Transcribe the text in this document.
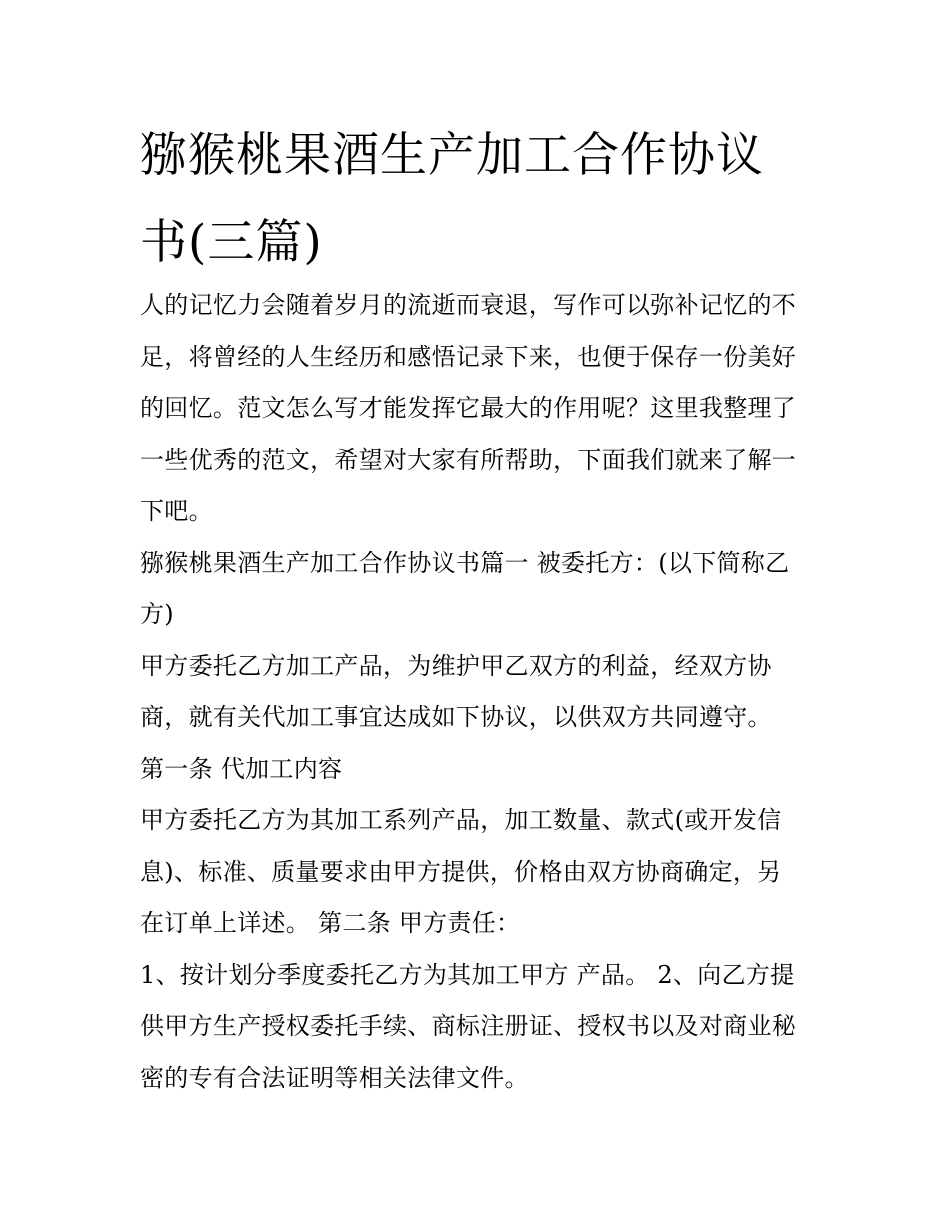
猕猴桃果酒生产加工合作协议
书(三篇)

人的记忆力会随着岁月的流逝而衰退，写作可以弥补记忆的不
足，将曾经的人生经历和感悟记录下来，也便于保存一份美好
的回忆。范文怎么写才能发挥它最大的作用呢？这里我整理了
一些优秀的范文，希望对大家有所帮助，下面我们就来了解一
下吧。

猕猴桃果酒生产加工合作协议书篇一 被委托方：(以下简称乙
方)

甲方委托乙方加工产品，为维护甲乙双方的利益，经双方协
商，就有关代加工事宜达成如下协议，以供双方共同遵守。

第一条 代加工内容

甲方委托乙方为其加工系列产品，加工数量、款式(或开发信
息)、标准、质量要求由甲方提供，价格由双方协商确定，另
在订单上详述。 第二条 甲方责任：

1、按计划分季度委托乙方为其加工甲方 产品。 2、向乙方提
供甲方生产授权委托手续、商标注册证、授权书以及对商业秘
密的专有合法证明等相关法律文件。
